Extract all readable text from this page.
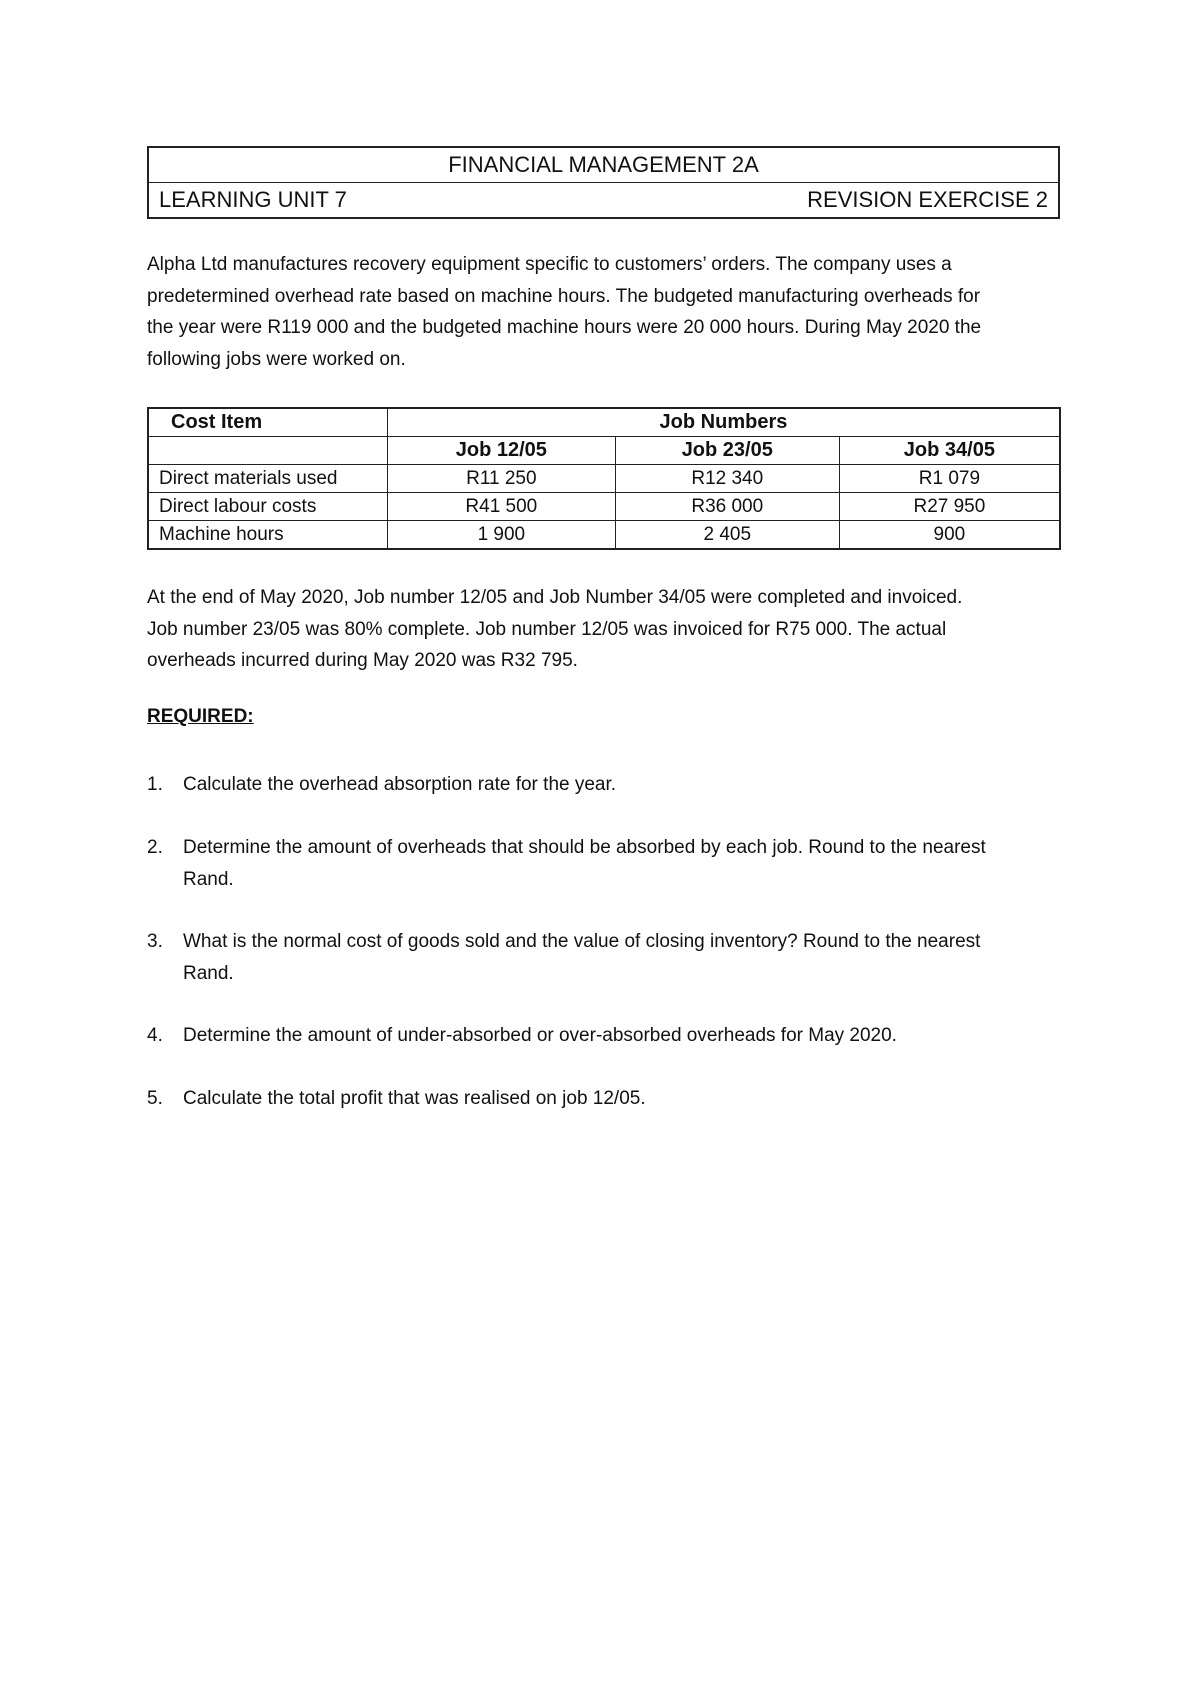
FINANCIAL MANAGEMENT 2A
LEARNING UNIT 7	REVISION EXERCISE 2

Alpha Ltd manufactures recovery equipment specific to customers’ orders. The company uses a
predetermined overhead rate based on machine hours. The budgeted manufacturing overheads for
the year were R119 000 and the budgeted machine hours were 20 000 hours. During May 2020 the
following jobs were worked on.

Cost Item	Job Numbers		
	Job 12/05	Job 23/05	Job 34/05
Direct materials used	R11 250	R12 340	R1 079
Direct labour costs	R41 500	R36 000	R27 950
Machine hours	1 900	2 405	900

At the end of May 2020, Job number 12/05 and Job Number 34/05 were completed and invoiced.
Job number 23/05 was 80% complete. Job number 12/05 was invoiced for R75 000. The actual
overheads incurred during May 2020 was R32 795.

REQUIRED:

1. Calculate the overhead absorption rate for the year.
2. Determine the amount of overheads that should be absorbed by each job. Round to the nearest
Rand.
3. What is the normal cost of goods sold and the value of closing inventory? Round to the nearest
Rand.
4. Determine the amount of under-absorbed or over-absorbed overheads for May 2020.
5. Calculate the total profit that was realised on job 12/05.
